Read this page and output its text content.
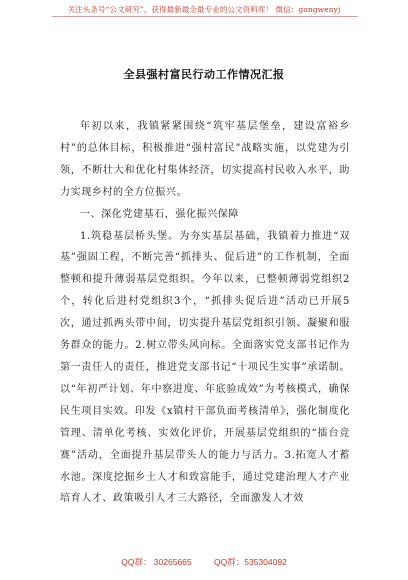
关注头条号“公文研究”，获得最新最全最专业的公文资料库！ 微信：gongwenyj
全县强村富民行动工作情况汇报

年初以来，我镇紧紧围绕“筑牢基层堡垒，建设富裕乡村”的总体目标，积极推进“强村富民”战略实施，以党建为引领，不断壮大和优化村集体经济，切实提高村民收入水平，助力实现乡村的全方位振兴。

一、深化党建基石，强化振兴保障

1.筑稳基层桥头堡。为夯实基层基础，我镇着力推进“双基”强固工程，不断完善“抓排头、促后进”的工作机制，全面整顿和提升薄弱基层党组织。今年以来，已整顿薄弱党组织2个，转化后进村党组织3个，“抓排头促后进”活动已开展5次，通过抓两头带中间，切实提升基层党组织引领、凝聚和服务群众的能力。2.树立带头风向标。全面落实党支部书记作为第一责任人的责任，推进党支部书记“十项民生实事”承诺制。以“年初严计划、年中察进度、年底验成效”为考核模式，确保民生项目实效。印发《x镇村干部负面考核清单》，强化制度化管理、清单化考核、实效化评价，开展基层党组织的“擂台竞赛”活动，全面提升基层带头人的能力与活力。3.拓宽人才蓄水池。深度挖掘乡土人才和致富能手，通过党建治理人才产业培育人才、政策吸引人才三大路径，全面激发人才效

QQ群： 30265665	QQ群：535304092
